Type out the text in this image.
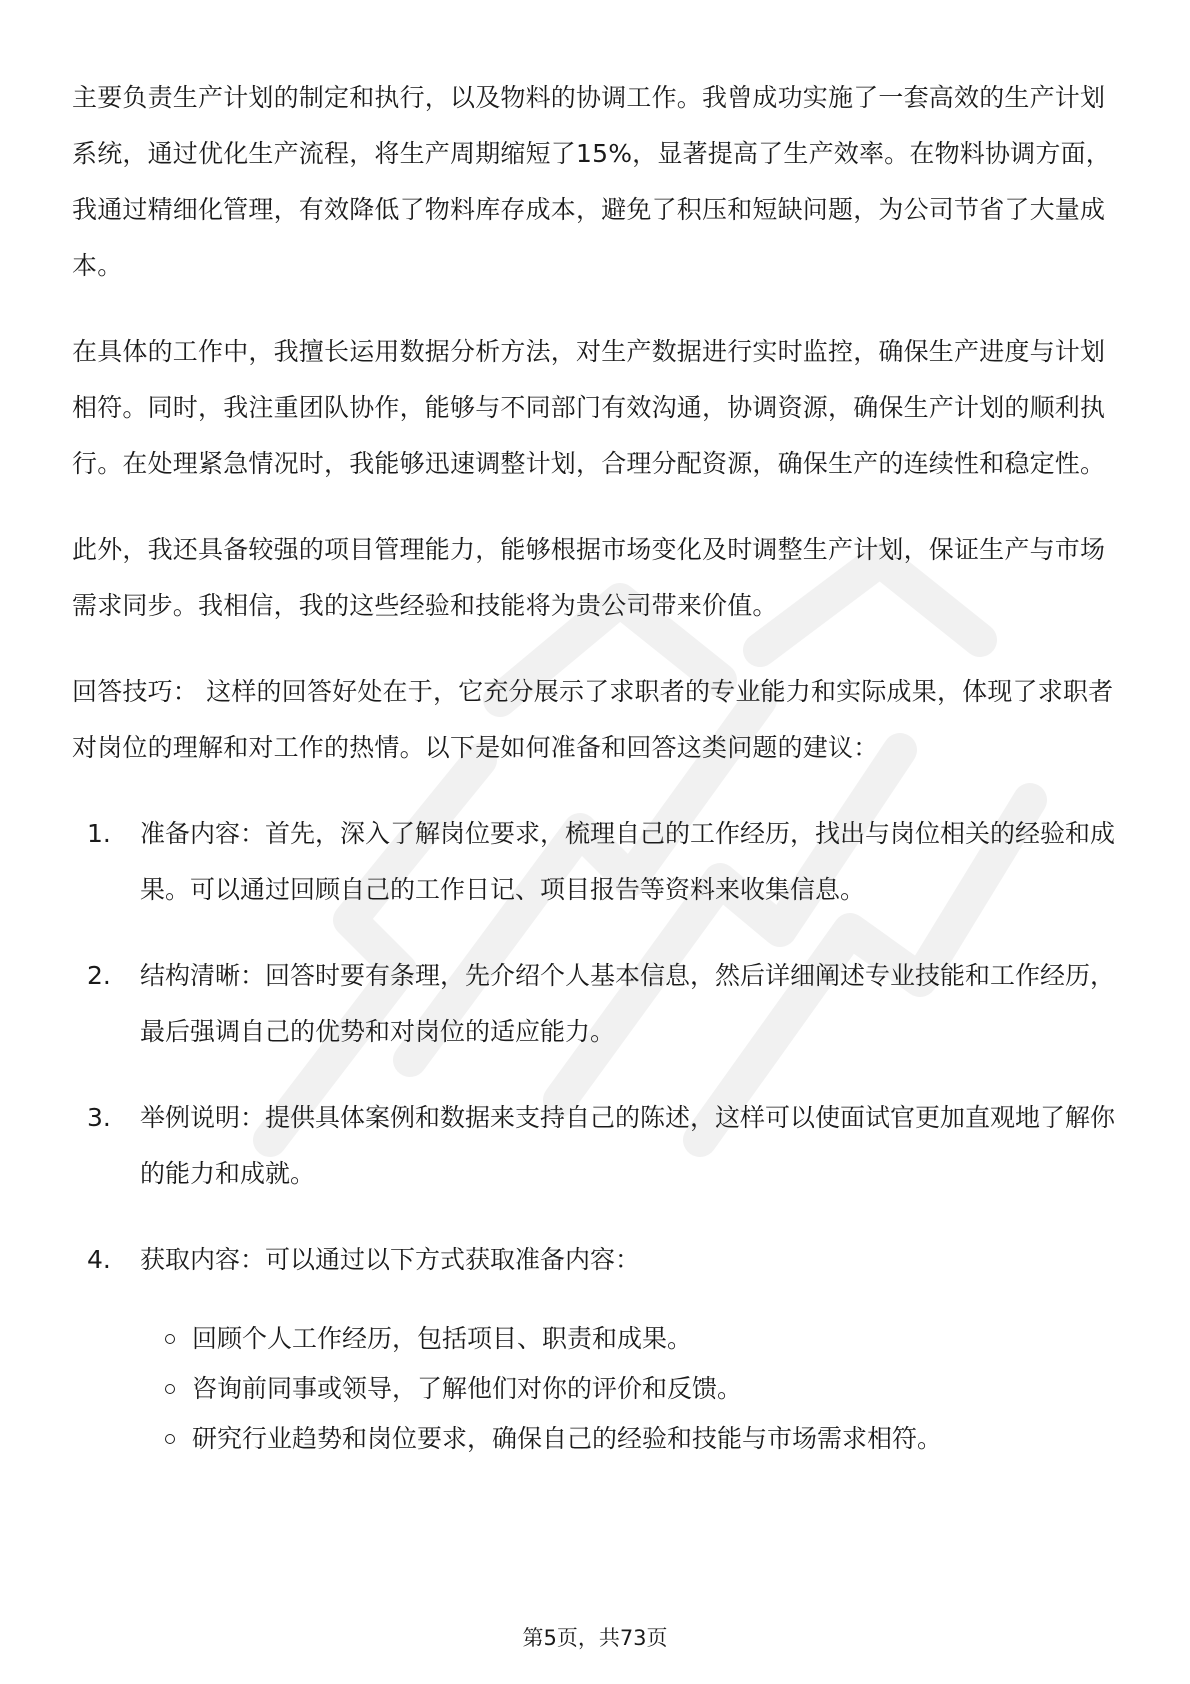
主要负责生产计划的制定和执行，以及物料的协调工作。我曾成功实施了一套高效的生产计划系统，通过优化生产流程，将生产周期缩短了15%，显著提高了生产效率。在物料协调方面，我通过精细化管理，有效降低了物料库存成本，避免了积压和短缺问题，为公司节省了大量成本。

在具体的工作中，我擅长运用数据分析方法，对生产数据进行实时监控，确保生产进度与计划相符。同时，我注重团队协作，能够与不同部门有效沟通，协调资源，确保生产计划的顺利执行。在处理紧急情况时，我能够迅速调整计划，合理分配资源，确保生产的连续性和稳定性。

此外，我还具备较强的项目管理能力，能够根据市场变化及时调整生产计划，保证生产与市场需求同步。我相信，我的这些经验和技能将为贵公司带来价值。

回答技巧： 这样的回答好处在于，它充分展示了求职者的专业能力和实际成果，体现了求职者对岗位的理解和对工作的热情。以下是如何准备和回答这类问题的建议：

1. 准备内容：首先，深入了解岗位要求，梳理自己的工作经历，找出与岗位相关的经验和成果。可以通过回顾自己的工作日记、项目报告等资料来收集信息。
2. 结构清晰：回答时要有条理，先介绍个人基本信息，然后详细阐述专业技能和工作经历，最后强调自己的优势和对岗位的适应能力。
3. 举例说明：提供具体案例和数据来支持自己的陈述，这样可以使面试官更加直观地了解你的能力和成就。
4. 获取内容：可以通过以下方式获取准备内容：
回顾个人工作经历，包括项目、职责和成果。
咨询前同事或领导，了解他们对你的评价和反馈。
研究行业趋势和岗位要求，确保自己的经验和技能与市场需求相符。
第5页，共73页
